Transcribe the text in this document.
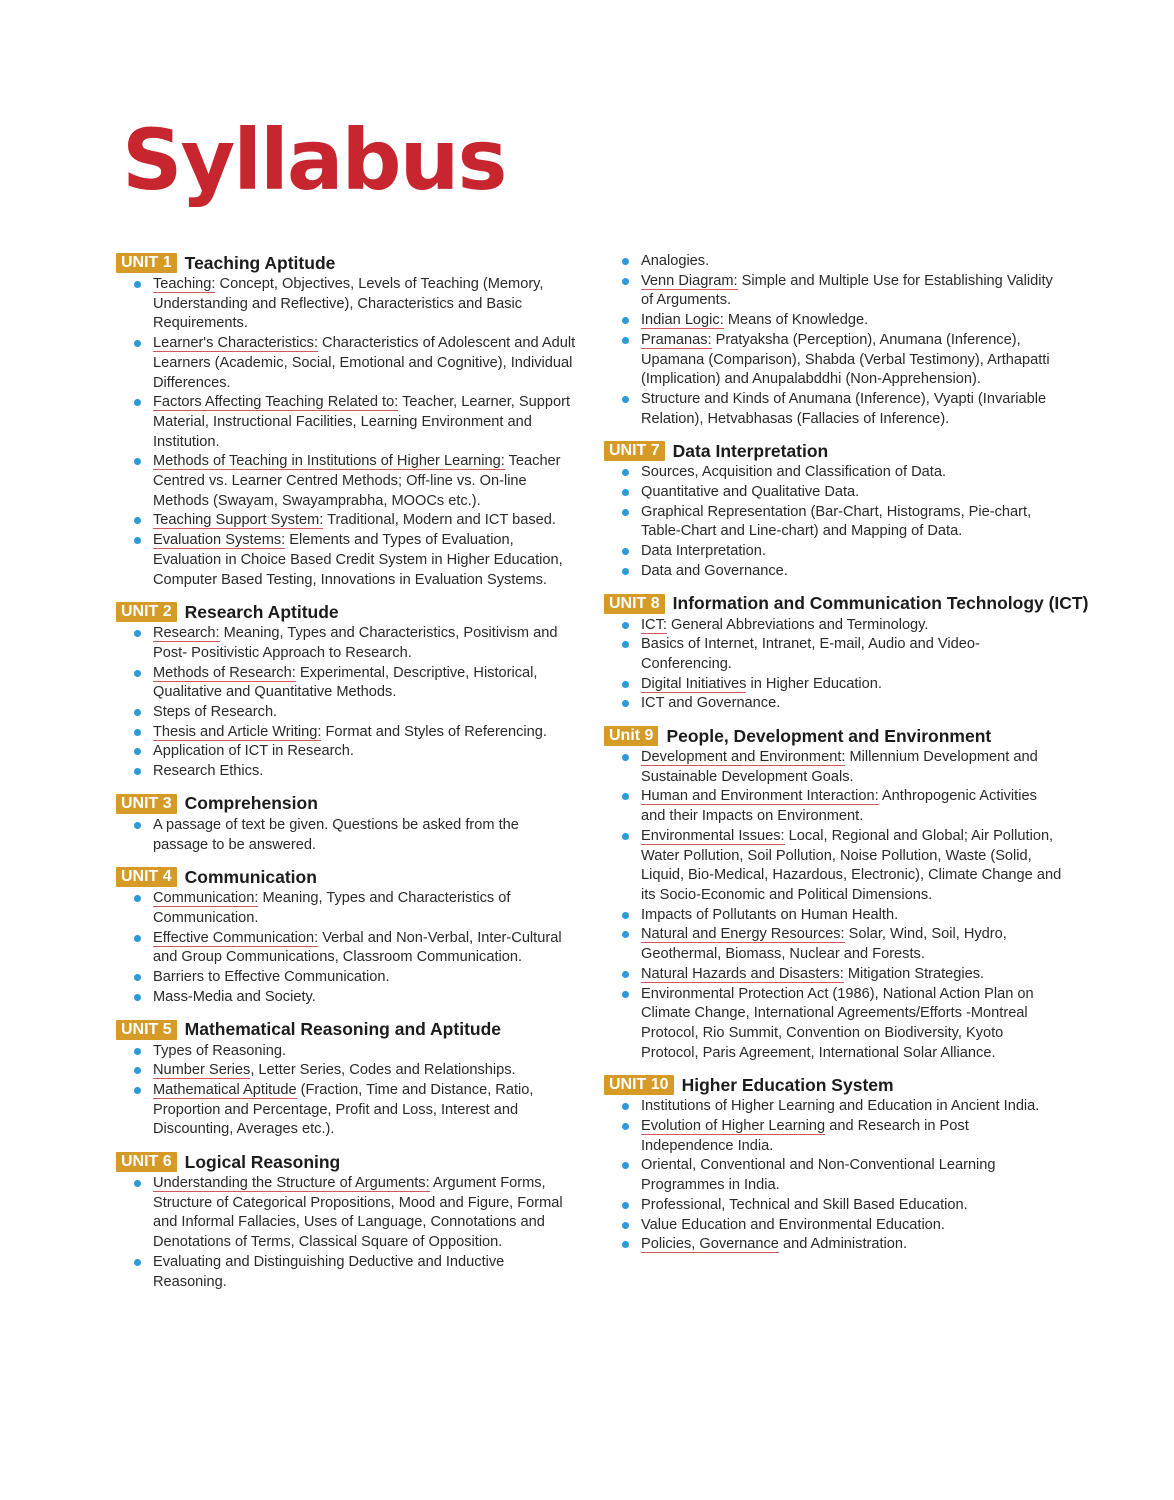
Syllabus
UNIT 1 Teaching Aptitude
Teaching: Concept, Objectives, Levels of Teaching (Memory, Understanding and Reflective), Characteristics and Basic Requirements.
Learner's Characteristics: Characteristics of Adolescent and Adult Learners (Academic, Social, Emotional and Cognitive), Individual Differences.
Factors Affecting Teaching Related to: Teacher, Learner, Support Material, Instructional Facilities, Learning Environment and Institution.
Methods of Teaching in Institutions of Higher Learning: Teacher Centred vs. Learner Centred Methods; Off-line vs. On-line Methods (Swayam, Swayamprabha, MOOCs etc.).
Teaching Support System: Traditional, Modern and ICT based.
Evaluation Systems: Elements and Types of Evaluation, Evaluation in Choice Based Credit System in Higher Education, Computer Based Testing, Innovations in Evaluation Systems.
UNIT 2 Research Aptitude
Research: Meaning, Types and Characteristics, Positivism and Post- Positivistic Approach to Research.
Methods of Research: Experimental, Descriptive, Historical, Qualitative and Quantitative Methods.
Steps of Research.
Thesis and Article Writing: Format and Styles of Referencing.
Application of ICT in Research.
Research Ethics.
UNIT 3 Comprehension
A passage of text be given. Questions be asked from the passage to be answered.
UNIT 4 Communication
Communication: Meaning, Types and Characteristics of Communication.
Effective Communication: Verbal and Non-Verbal, Inter-Cultural and Group Communications, Classroom Communication.
Barriers to Effective Communication.
Mass-Media and Society.
UNIT 5 Mathematical Reasoning and Aptitude
Types of Reasoning.
Number Series, Letter Series, Codes and Relationships.
Mathematical Aptitude (Fraction, Time and Distance, Ratio, Proportion and Percentage, Profit and Loss, Interest and Discounting, Averages etc.).
UNIT 6 Logical Reasoning
Understanding the Structure of Arguments: Argument Forms, Structure of Categorical Propositions, Mood and Figure, Formal and Informal Fallacies, Uses of Language, Connotations and Denotations of Terms, Classical Square of Opposition.
Evaluating and Distinguishing Deductive and Inductive Reasoning.
Analogies.
Venn Diagram: Simple and Multiple Use for Establishing Validity of Arguments.
Indian Logic: Means of Knowledge.
Pramanas: Pratyaksha (Perception), Anumana (Inference), Upamana (Comparison), Shabda (Verbal Testimony), Arthapatti (Implication) and Anupalabddhi (Non-Apprehension).
Structure and Kinds of Anumana (Inference), Vyapti (Invariable Relation), Hetvabhasas (Fallacies of Inference).
UNIT 7 Data Interpretation
Sources, Acquisition and Classification of Data.
Quantitative and Qualitative Data.
Graphical Representation (Bar-Chart, Histograms, Pie-chart, Table-Chart and Line-chart) and Mapping of Data.
Data Interpretation.
Data and Governance.
UNIT 8 Information and Communication Technology (ICT)
ICT: General Abbreviations and Terminology.
Basics of Internet, Intranet, E-mail, Audio and Video-Conferencing.
Digital Initiatives in Higher Education.
ICT and Governance.
Unit 9 People, Development and Environment
Development and Environment: Millennium Development and Sustainable Development Goals.
Human and Environment Interaction: Anthropogenic Activities and their Impacts on Environment.
Environmental Issues: Local, Regional and Global; Air Pollution, Water Pollution, Soil Pollution, Noise Pollution, Waste (Solid, Liquid, Bio-Medical, Hazardous, Electronic), Climate Change and its Socio-Economic and Political Dimensions.
Impacts of Pollutants on Human Health.
Natural and Energy Resources: Solar, Wind, Soil, Hydro, Geothermal, Biomass, Nuclear and Forests.
Natural Hazards and Disasters: Mitigation Strategies.
Environmental Protection Act (1986), National Action Plan on Climate Change, International Agreements/Efforts -Montreal Protocol, Rio Summit, Convention on Biodiversity, Kyoto Protocol, Paris Agreement, International Solar Alliance.
UNIT 10 Higher Education System
Institutions of Higher Learning and Education in Ancient India.
Evolution of Higher Learning and Research in Post Independence India.
Oriental, Conventional and Non-Conventional Learning Programmes in India.
Professional, Technical and Skill Based Education.
Value Education and Environmental Education.
Policies, Governance and Administration.
